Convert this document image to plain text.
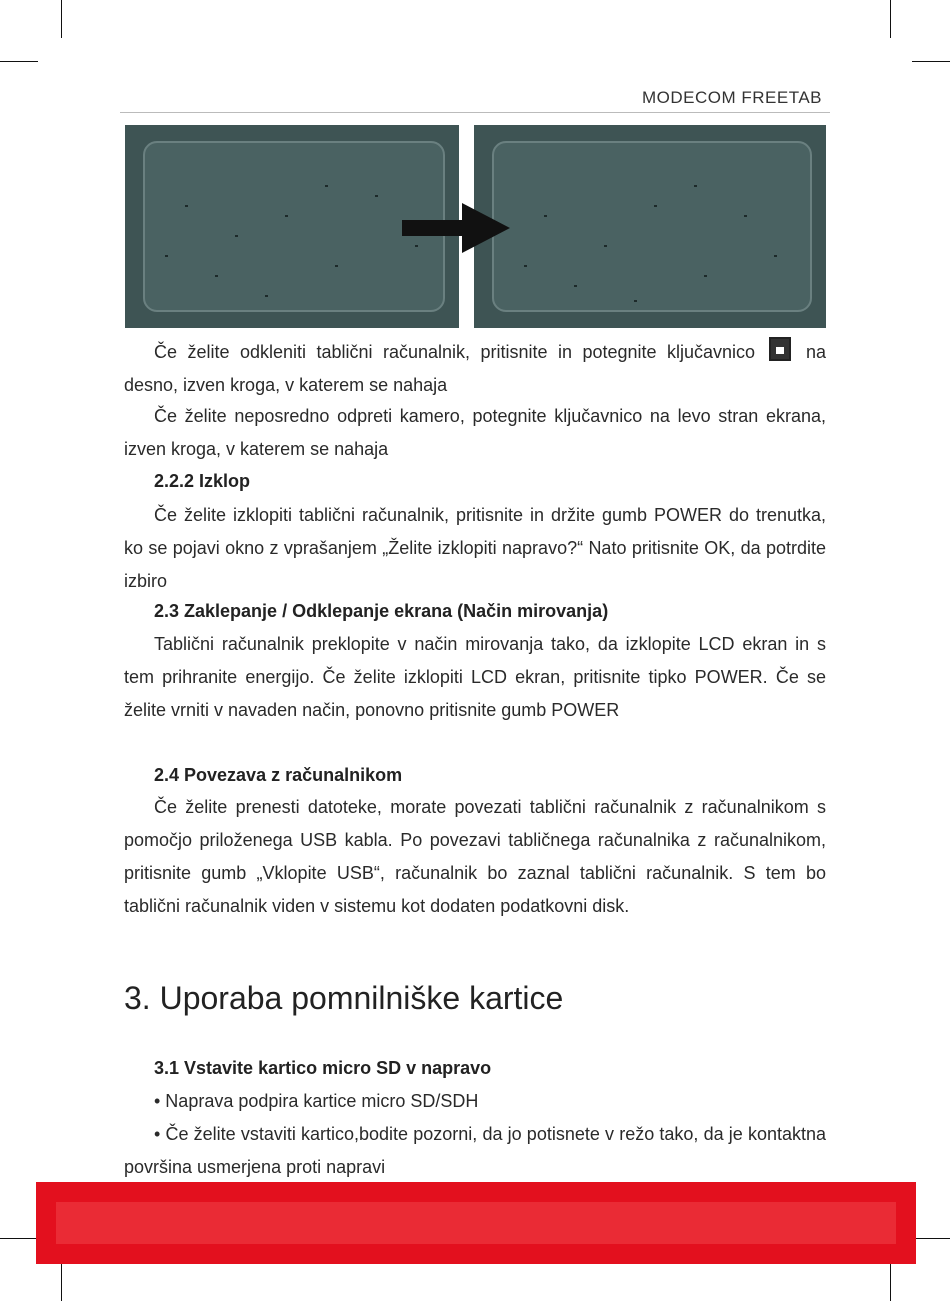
MODECOM FREETAB

Če želite odkleniti tablični računalnik, pritisnite in potegnite ključavnico	na desno, izven kroga, v katerem se nahaja

Če želite neposredno odpreti kamero, potegnite ključavnico na levo stran ekrana, izven kroga, v katerem se nahaja

2.2.2 Izklop

Če želite izklopiti tablični računalnik, pritisnite in držite gumb POWER do trenutka, ko se pojavi okno z vprašanjem „Želite izklopiti napravo?“ Nato pritisnite OK, da potrdite izbiro

2.3 Zaklepanje / Odklepanje ekrana (Način mirovanja)

Tablični računalnik preklopite v način mirovanja tako, da izklopite LCD ekran in s tem prihranite energijo. Če želite izklopiti LCD ekran, pritisnite tipko POWER. Če se želite vrniti v navaden način, ponovno pritisnite gumb POWER

2.4 Povezava z računalnikom

Če želite prenesti datoteke, morate povezati tablični računalnik z računalnikom s pomočjo priloženega USB kabla. Po povezavi tabličnega računalnika z računalnikom, pritisnite gumb „Vklopite USB“, računalnik bo zaznal tablični računalnik. S tem bo tablični računalnik viden v sistemu kot dodaten podatkovni disk.

3. Uporaba pomnilniške kartice
3.1 Vstavite kartico micro SD v napravo

• Naprava podpira kartice micro SD/SDH

• Če želite vstaviti kartico,bodite pozorni, da jo potisnete v režo tako, da je kontaktna površina usmerjena proti napravi
